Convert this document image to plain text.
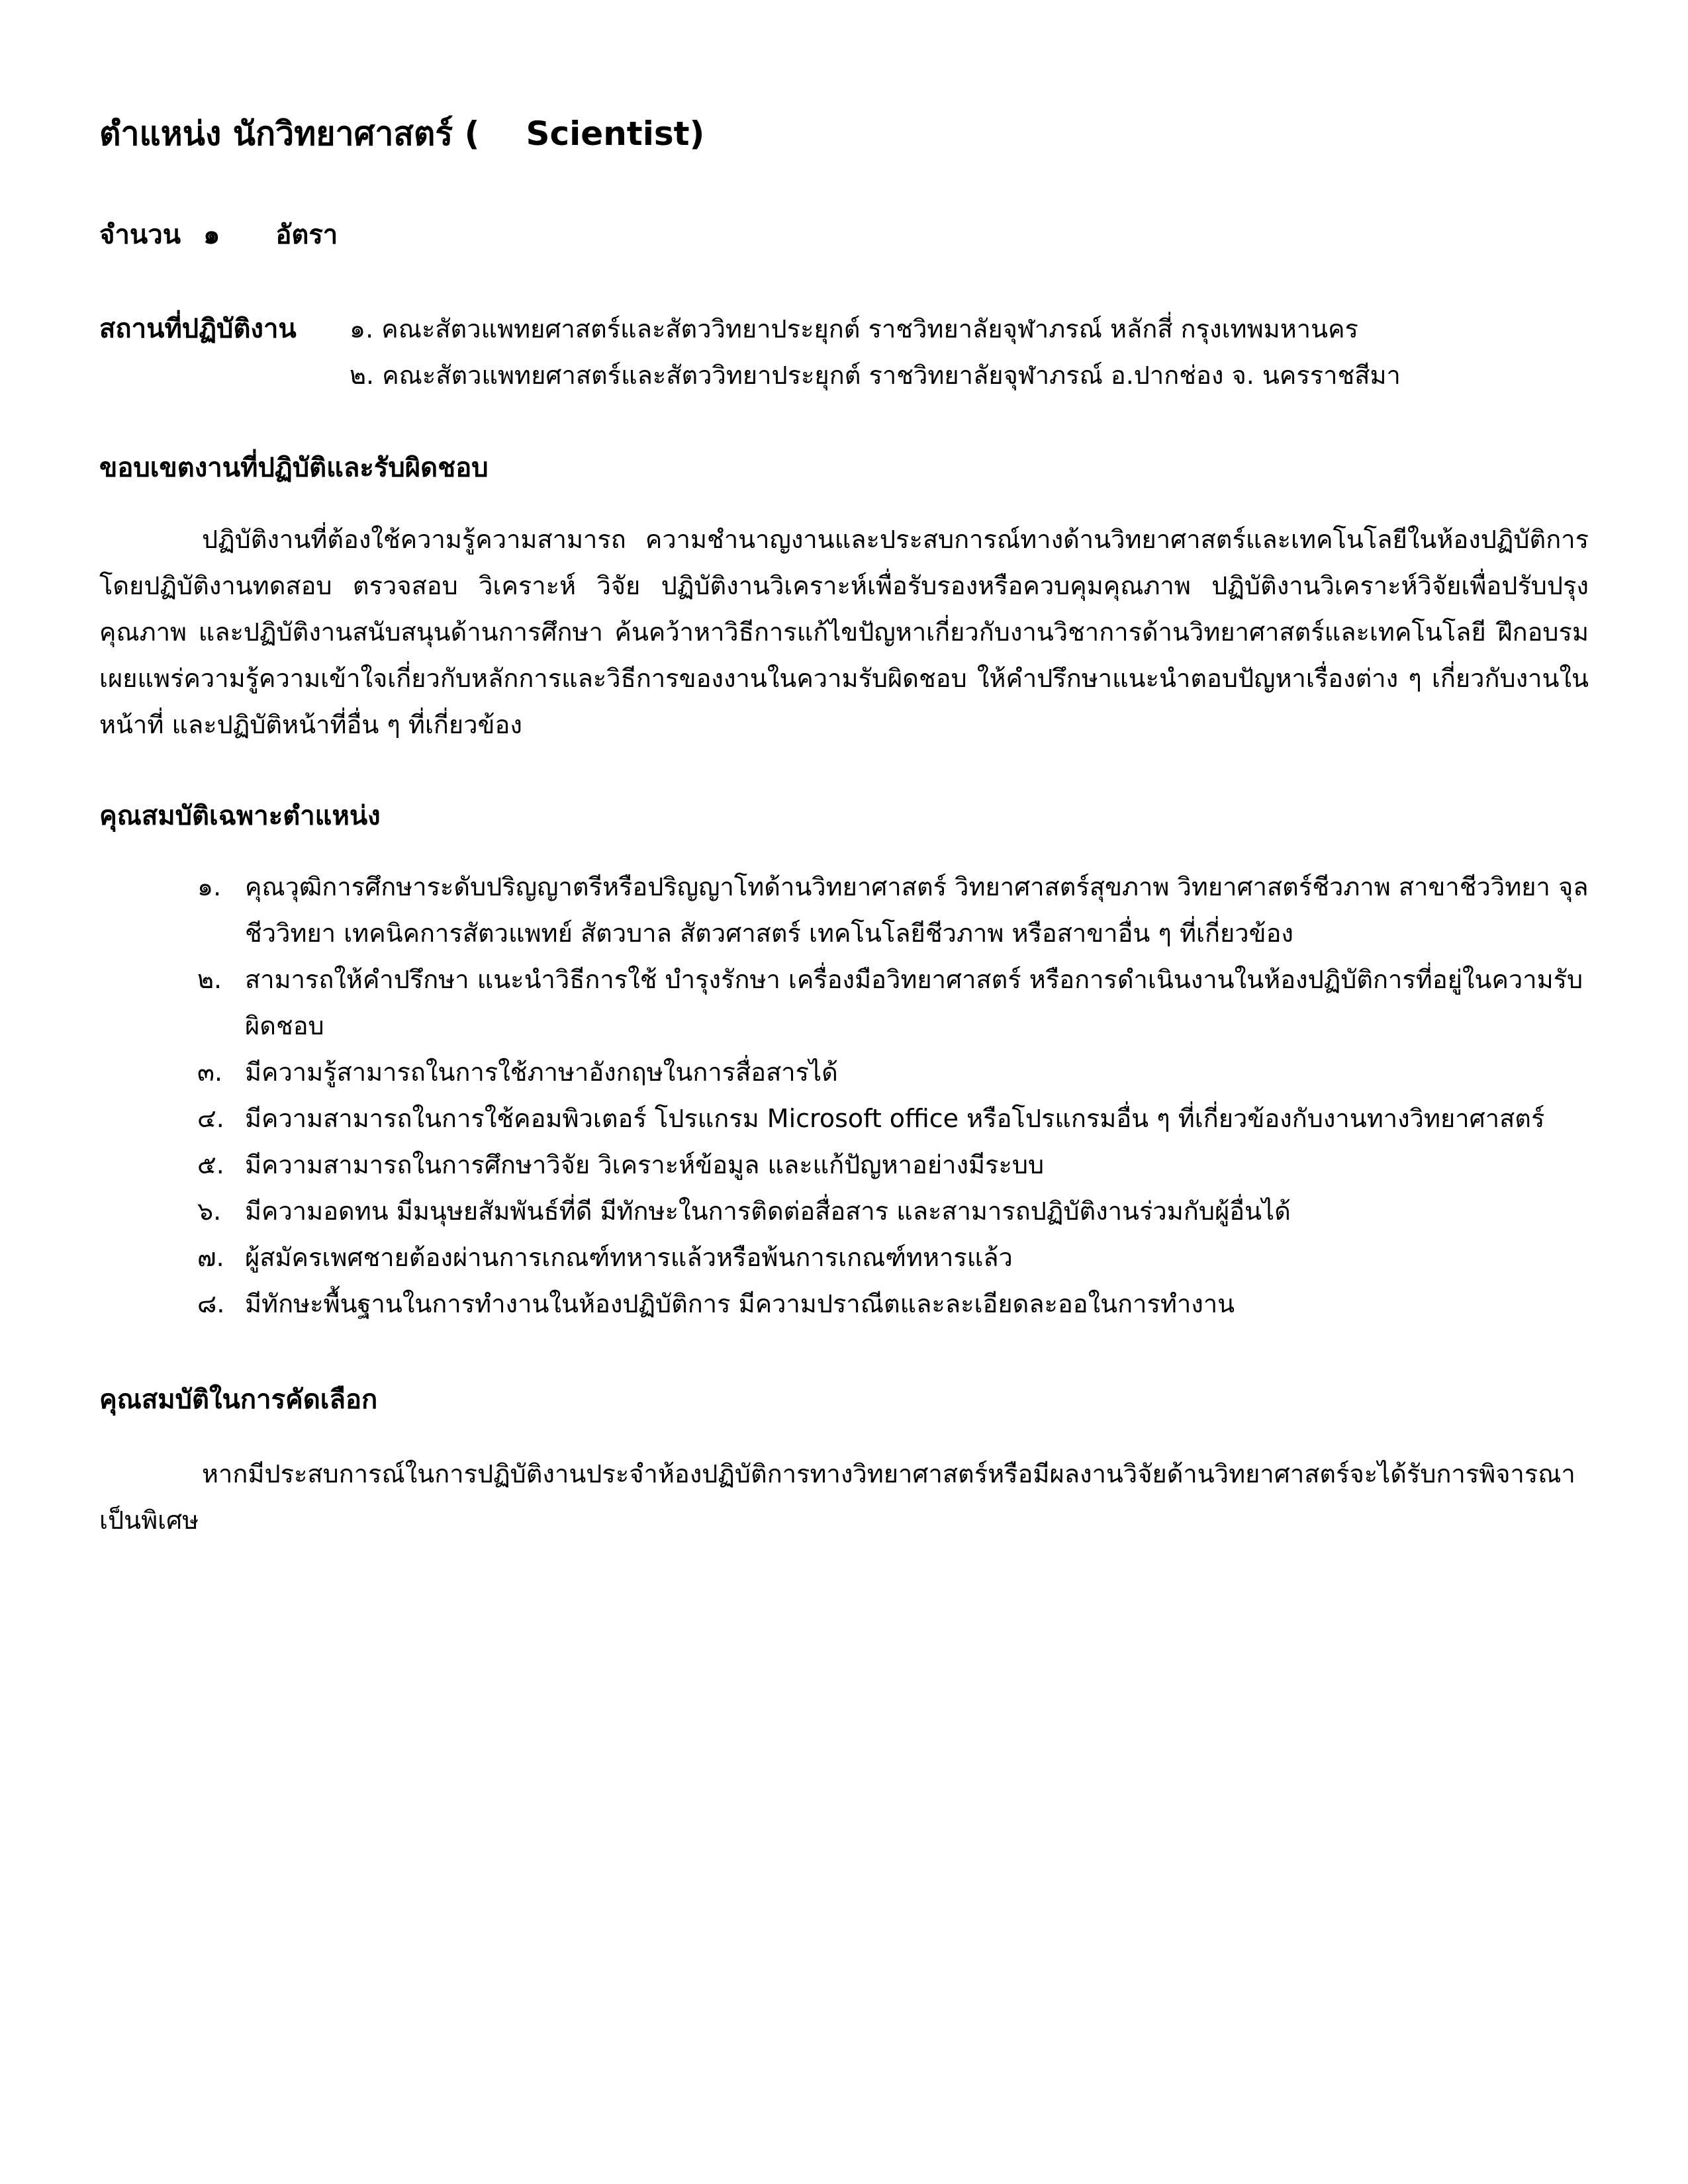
ตำแหน่ง นักวิทยาศาสตร์ ( Scientist)
จำนวน ๑ อัตรา
สถานที่ปฏิบัติงาน ๑. คณะสัตวแพทยศาสตร์และสัตววิทยาประยุกต์ ราชวิทยาลัยจุฬาภรณ์ หลักสี่ กรุงเทพมหานคร
๒. คณะสัตวแพทยศาสตร์และสัตววิทยาประยุกต์ ราชวิทยาลัยจุฬาภรณ์ อ.ปากช่อง จ. นครราชสีมา
ขอบเขตงานที่ปฏิบัติและรับผิดชอบ

ปฏิบัติงานที่ต้องใช้ความรู้ความสามารถ ความชำนาญงานและประสบการณ์ทางด้านวิทยาศาสตร์และเทคโนโลยีในห้องปฏิบัติการ โดยปฏิบัติงานทดสอบ ตรวจสอบ วิเคราะห์ วิจัย ปฏิบัติงานวิเคราะห์เพื่อรับรองหรือควบคุมคุณภาพ ปฏิบัติงานวิเคราะห์วิจัยเพื่อปรับปรุงคุณภาพ และปฏิบัติงานสนับสนุนด้านการศึกษา ค้นคว้าหาวิธีการแก้ไขปัญหาเกี่ยวกับงานวิชาการด้านวิทยาศาสตร์และเทคโนโลยี ฝึกอบรม เผยแพร่ความรู้ความเข้าใจเกี่ยวกับหลักการและวิธีการของงานในความรับผิดชอบ ให้คำปรึกษาแนะนำตอบปัญหาเรื่องต่าง ๆ เกี่ยวกับงานในหน้าที่ และปฏิบัติหน้าที่อื่น ๆ ที่เกี่ยวข้อง

คุณสมบัติเฉพาะตำแหน่ง
๑. คุณวุฒิการศึกษาระดับปริญญาตรีหรือปริญญาโทด้านวิทยาศาสตร์ วิทยาศาสตร์สุขภาพ วิทยาศาสตร์ชีวภาพ สาขาชีววิทยา จุลชีววิทยา เทคนิคการสัตวแพทย์ สัตวบาล สัตวศาสตร์ เทคโนโลยีชีวภาพ หรือสาขาอื่น ๆ ที่เกี่ยวข้อง
๒. สามารถให้คำปรึกษา แนะนำวิธีการใช้ บำรุงรักษา เครื่องมือวิทยาศาสตร์ หรือการดำเนินงานในห้องปฏิบัติการที่อยู่ในความรับผิดชอบ
๓. มีความรู้สามารถในการใช้ภาษาอังกฤษในการสื่อสารได้
๔. มีความสามารถในการใช้คอมพิวเตอร์ โปรแกรม Microsoft office หรือโปรแกรมอื่น ๆ ที่เกี่ยวข้องกับงานทางวิทยาศาสตร์
๕. มีความสามารถในการศึกษาวิจัย วิเคราะห์ข้อมูล และแก้ปัญหาอย่างมีระบบ
๖. มีความอดทน มีมนุษยสัมพันธ์ที่ดี มีทักษะในการติดต่อสื่อสาร และสามารถปฏิบัติงานร่วมกับผู้อื่นได้
๗. ผู้สมัครเพศชายต้องผ่านการเกณฑ์ทหารแล้วหรือพ้นการเกณฑ์ทหารแล้ว
๘. มีทักษะพื้นฐานในการทำงานในห้องปฏิบัติการ มีความปราณีตและละเอียดละออในการทำงาน
คุณสมบัติในการคัดเลือก

หากมีประสบการณ์ในการปฏิบัติงานประจำห้องปฏิบัติการทางวิทยาศาสตร์หรือมีผลงานวิจัยด้านวิทยาศาสตร์จะได้รับการพิจารณาเป็นพิเศษ
